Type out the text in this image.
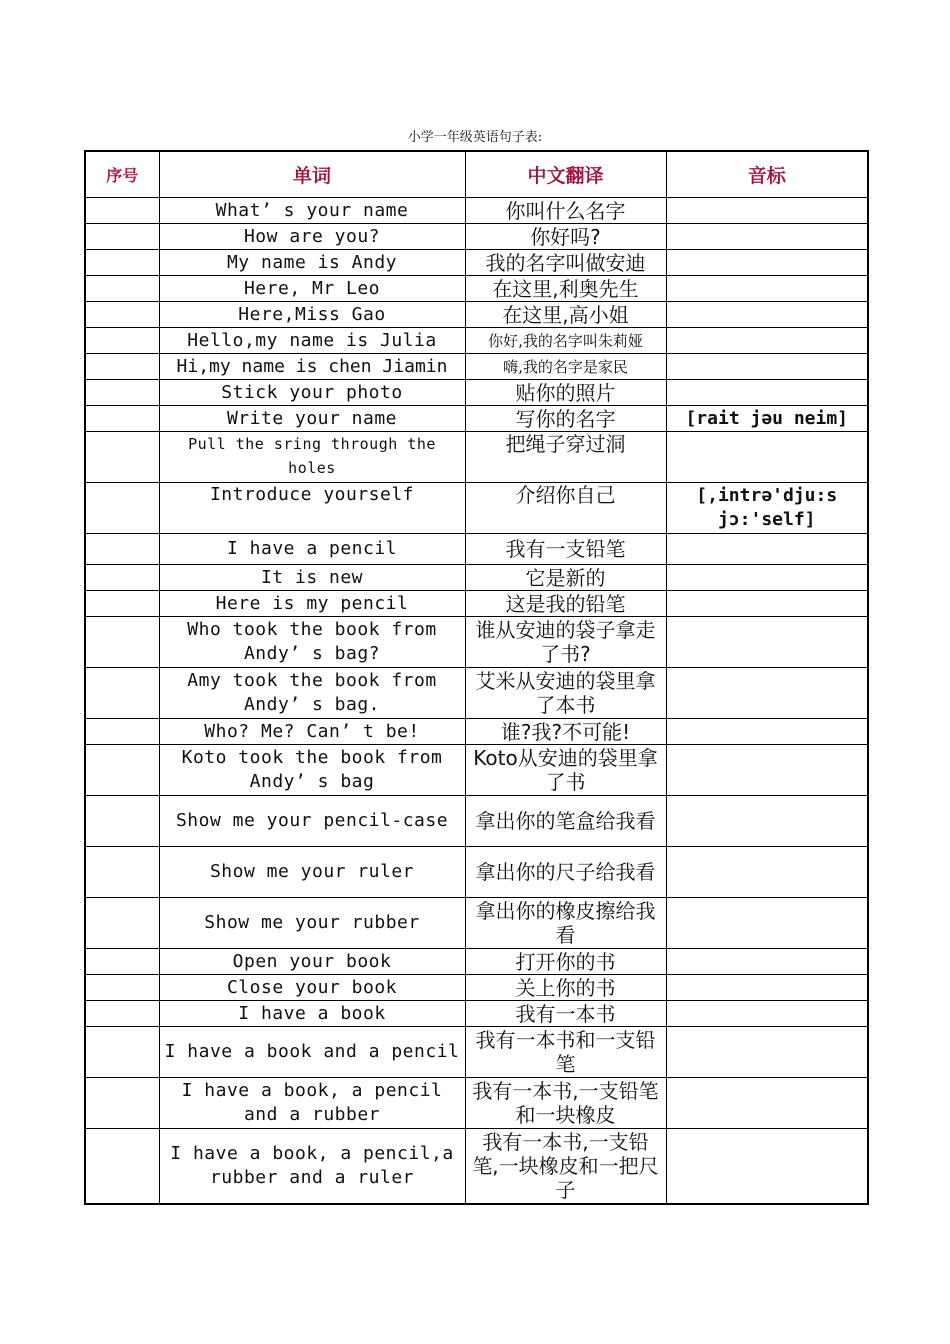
小学一年级英语句子表:
序号	单词	中文翻译	音标
	What’ s your name	你叫什么名字	
	How are you?	你好吗?	
	My name is Andy	我的名字叫做安迪	
	Here, Mr Leo	在这里,利奥先生	
	Here,Miss Gao	在这里,高小姐	
	Hello,my name is Julia	你好,我的名字叫朱莉娅	
	Hi,my name is chen Jiamin	嗨,我的名字是家民	
	Stick your photo	贴你的照片	
	Write your name	写你的名字	[rait jəu neim]
	Pull the sring through the holes	把绳子穿过洞	
	Introduce yourself	介绍你自己	[,intrə'dju:s jɔ:'self]
	I have a pencil	我有一支铅笔	
	It is new	它是新的	
	Here is my pencil	这是我的铅笔	
	Who took the book from Andy’ s bag?	谁从安迪的袋子拿走了书?	
	Amy took the book from Andy’ s bag.	艾米从安迪的袋里拿了本书	
	Who? Me? Can’ t be!	谁?我?不可能!	
	Koto took the book from Andy’ s bag	Koto从安迪的袋里拿了书	
	Show me your pencil-case	拿出你的笔盒给我看	
	Show me your ruler	拿出你的尺子给我看	
	Show me your rubber	拿出你的橡皮擦给我看	
	Open your book	打开你的书	
	Close your book	关上你的书	
	I have a book	我有一本书	
	I have a book and a pencil	我有一本书和一支铅笔	
	I have a book, a pencil and a rubber	我有一本书,一支铅笔和一块橡皮	
	I have a book, a pencil,a rubber and a ruler	我有一本书,一支铅笔,一块橡皮和一把尺子	
